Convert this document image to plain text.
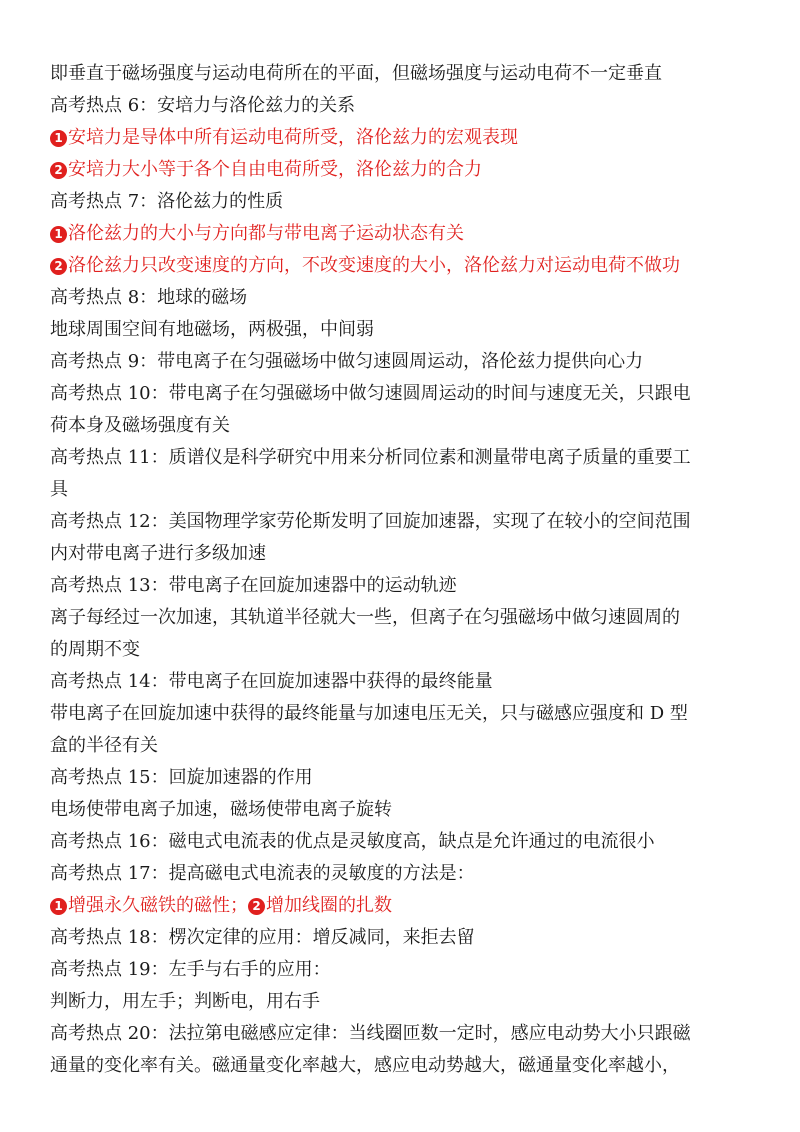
即垂直于磁场强度与运动电荷所在的平面，但磁场强度与运动电荷不一定垂直
高考热点 6：安培力与洛伦兹力的关系
1 安培力是导体中所有运动电荷所受，洛伦兹力的宏观表现
2 安培力大小等于各个自由电荷所受，洛伦兹力的合力
高考热点 7：洛伦兹力的性质
1 洛伦兹力的大小与方向都与带电离子运动状态有关
2 洛伦兹力只改变速度的方向，不改变速度的大小，洛伦兹力对运动电荷不做功
高考热点 8：地球的磁场
地球周围空间有地磁场，两极强，中间弱
高考热点 9：带电离子在匀强磁场中做匀速圆周运动，洛伦兹力提供向心力
高考热点 10：带电离子在匀强磁场中做匀速圆周运动的时间与速度无关，只跟电
荷本身及磁场强度有关
高考热点 11：质谱仪是科学研究中用来分析同位素和测量带电离子质量的重要工
具
高考热点 12：美国物理学家劳伦斯发明了回旋加速器，实现了在较小的空间范围
内对带电离子进行多级加速
高考热点 13：带电离子在回旋加速器中的运动轨迹
离子每经过一次加速，其轨道半径就大一些，但离子在匀强磁场中做匀速圆周的
的周期不变
高考热点 14：带电离子在回旋加速器中获得的最终能量
带电离子在回旋加速中获得的最终能量与加速电压无关，只与磁感应强度和 D 型
盒的半径有关
高考热点 15：回旋加速器的作用
电场使带电离子加速，磁场使带电离子旋转
高考热点 16：磁电式电流表的优点是灵敏度高，缺点是允许通过的电流很小
高考热点 17：提高磁电式电流表的灵敏度的方法是：
1 增强永久磁铁的磁性； 2 增加线圈的扎数
高考热点 18：楞次定律的应用：增反减同，来拒去留
高考热点 19：左手与右手的应用：
判断力，用左手；判断电，用右手
高考热点 20：法拉第电磁感应定律：当线圈匝数一定时，感应电动势大小只跟磁
通量的变化率有关。磁通量变化率越大，感应电动势越大，磁通量变化率越小，
